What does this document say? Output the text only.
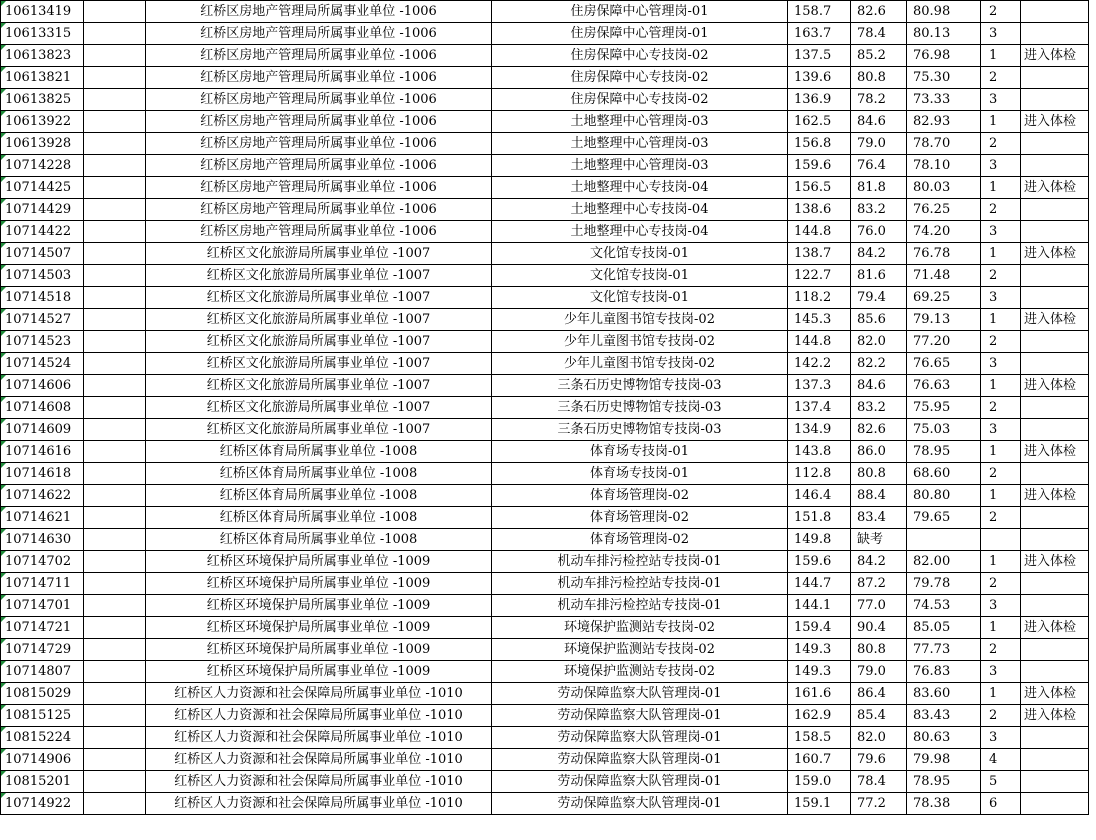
10613419		红桥区房地产管理局所属事业单位 -1006	住房保障中心管理岗-01	158.7	82.6	80.98	2	
10613315		红桥区房地产管理局所属事业单位 -1006	住房保障中心管理岗-01	163.7	78.4	80.13	3	
10613823		红桥区房地产管理局所属事业单位 -1006	住房保障中心专技岗-02	137.5	85.2	76.98	1	进入体检
10613821		红桥区房地产管理局所属事业单位 -1006	住房保障中心专技岗-02	139.6	80.8	75.30	2	
10613825		红桥区房地产管理局所属事业单位 -1006	住房保障中心专技岗-02	136.9	78.2	73.33	3	
10613922		红桥区房地产管理局所属事业单位 -1006	土地整理中心管理岗-03	162.5	84.6	82.93	1	进入体检
10613928		红桥区房地产管理局所属事业单位 -1006	土地整理中心管理岗-03	156.8	79.0	78.70	2	
10714228		红桥区房地产管理局所属事业单位 -1006	土地整理中心管理岗-03	159.6	76.4	78.10	3	
10714425		红桥区房地产管理局所属事业单位 -1006	土地整理中心专技岗-04	156.5	81.8	80.03	1	进入体检
10714429		红桥区房地产管理局所属事业单位 -1006	土地整理中心专技岗-04	138.6	83.2	76.25	2	
10714422		红桥区房地产管理局所属事业单位 -1006	土地整理中心专技岗-04	144.8	76.0	74.20	3	
10714507		红桥区文化旅游局所属事业单位 -1007	文化馆专技岗-01	138.7	84.2	76.78	1	进入体检
10714503		红桥区文化旅游局所属事业单位 -1007	文化馆专技岗-01	122.7	81.6	71.48	2	
10714518		红桥区文化旅游局所属事业单位 -1007	文化馆专技岗-01	118.2	79.4	69.25	3	
10714527		红桥区文化旅游局所属事业单位 -1007	少年儿童图书馆专技岗-02	145.3	85.6	79.13	1	进入体检
10714523		红桥区文化旅游局所属事业单位 -1007	少年儿童图书馆专技岗-02	144.8	82.0	77.20	2	
10714524		红桥区文化旅游局所属事业单位 -1007	少年儿童图书馆专技岗-02	142.2	82.2	76.65	3	
10714606		红桥区文化旅游局所属事业单位 -1007	三条石历史博物馆专技岗-03	137.3	84.6	76.63	1	进入体检
10714608		红桥区文化旅游局所属事业单位 -1007	三条石历史博物馆专技岗-03	137.4	83.2	75.95	2	
10714609		红桥区文化旅游局所属事业单位 -1007	三条石历史博物馆专技岗-03	134.9	82.6	75.03	3	
10714616		红桥区体育局所属事业单位 -1008	体育场专技岗-01	143.8	86.0	78.95	1	进入体检
10714618		红桥区体育局所属事业单位 -1008	体育场专技岗-01	112.8	80.8	68.60	2	
10714622		红桥区体育局所属事业单位 -1008	体育场管理岗-02	146.4	88.4	80.80	1	进入体检
10714621		红桥区体育局所属事业单位 -1008	体育场管理岗-02	151.8	83.4	79.65	2	
10714630		红桥区体育局所属事业单位 -1008	体育场管理岗-02	149.8	缺考			
10714702		红桥区环境保护局所属事业单位 -1009	机动车排污检控站专技岗-01	159.6	84.2	82.00	1	进入体检
10714711		红桥区环境保护局所属事业单位 -1009	机动车排污检控站专技岗-01	144.7	87.2	79.78	2	
10714701		红桥区环境保护局所属事业单位 -1009	机动车排污检控站专技岗-01	144.1	77.0	74.53	3	
10714721		红桥区环境保护局所属事业单位 -1009	环境保护监测站专技岗-02	159.4	90.4	85.05	1	进入体检
10714729		红桥区环境保护局所属事业单位 -1009	环境保护监测站专技岗-02	149.3	80.8	77.73	2	
10714807		红桥区环境保护局所属事业单位 -1009	环境保护监测站专技岗-02	149.3	79.0	76.83	3	
10815029		红桥区人力资源和社会保障局所属事业单位 -1010	劳动保障监察大队管理岗-01	161.6	86.4	83.60	1	进入体检
10815125		红桥区人力资源和社会保障局所属事业单位 -1010	劳动保障监察大队管理岗-01	162.9	85.4	83.43	2	进入体检
10815224		红桥区人力资源和社会保障局所属事业单位 -1010	劳动保障监察大队管理岗-01	158.5	82.0	80.63	3	
10714906		红桥区人力资源和社会保障局所属事业单位 -1010	劳动保障监察大队管理岗-01	160.7	79.6	79.98	4	
10815201		红桥区人力资源和社会保障局所属事业单位 -1010	劳动保障监察大队管理岗-01	159.0	78.4	78.95	5	
10714922		红桥区人力资源和社会保障局所属事业单位 -1010	劳动保障监察大队管理岗-01	159.1	77.2	78.38	6	
